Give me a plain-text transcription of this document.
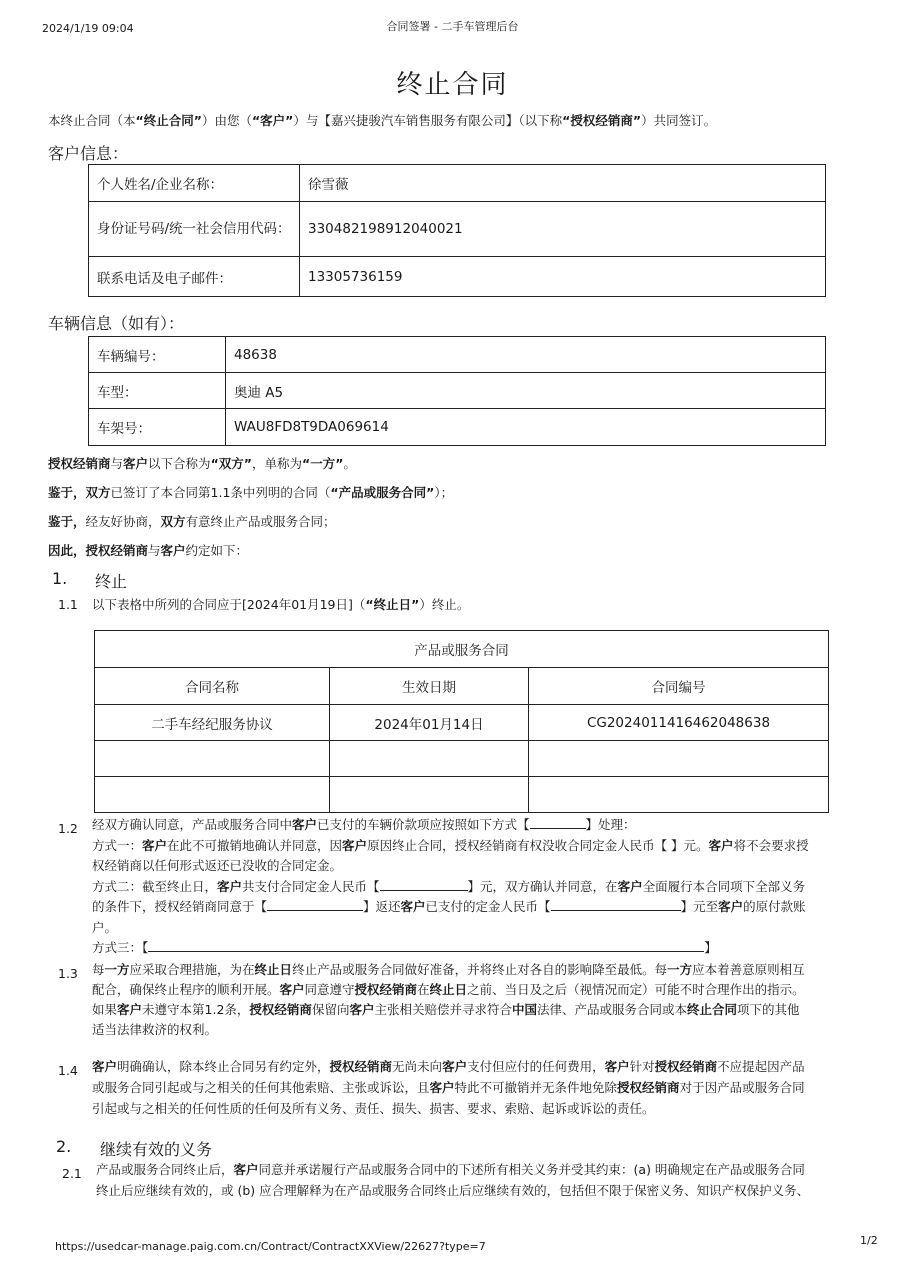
2024/1/19 09:04	合同签署 - 二手车管理后台
终止合同
本终止合同（本“终止合同”）由您（“客户”）与【嘉兴捷骏汽车销售服务有限公司】（以下称“授权经销商”）共同签订。
客户信息：
个人姓名/企业名称：	徐雪薇
身份证号码/统一社会信用代码：	330482198912040021
联系电话及电子邮件：	13305736159
车辆信息（如有）：
车辆编号：	48638
车型：	奥迪 A5
车架号：	WAU8FD8T9DA069614
授权经销商与客户以下合称为“双方”，单称为“一方”。
鉴于，双方已签订了本合同第1.1条中列明的合同（“产品或服务合同”）；
鉴于，经友好协商，双方有意终止产品或服务合同；
因此，授权经销商与客户约定如下：
1. 终止
1.1 以下表格中所列的合同应于[2024年01月19日]（“终止日”）终止。
产品或服务合同		
合同名称	生效日期	合同编号
二手车经纪服务协议	2024年01月14日	CG2024011416462048638

1.2 经双方确认同意，产品或服务合同中客户已支付的车辆价款项应按照如下方式【	】处理：
方式一：客户在此不可撤销地确认并同意，因客户原因终止合同，授权经销商有权没收合同定金人民币【 】元。客户将不会要求授
权经销商以任何形式返还已没收的合同定金。
方式二：截至终止日，客户共支付合同定金人民币【	】元，双方确认并同意，在客户全面履行本合同项下全部义务
的条件下，授权经销商同意于【	】返还客户已支付的定金人民币【	】元至客户的原付款账
户。
方式三：【	】
1.3 每一方应采取合理措施，为在终止日终止产品或服务合同做好准备，并将终止对各自的影响降至最低。每一方应本着善意原则相互
配合，确保终止程序的顺利开展。客户同意遵守授权经销商在终止日之前、当日及之后（视情况而定）可能不时合理作出的指示。
如果客户未遵守本第1.2条，授权经销商保留向客户主张相关赔偿并寻求符合中国法律、产品或服务合同或本终止合同项下的其他
适当法律救济的权利。
1.4 客户明确确认，除本终止合同另有约定外，授权经销商无尚未向客户支付但应付的任何费用，客户针对授权经销商不应提起因产品
或服务合同引起或与之相关的任何其他索赔、主张或诉讼，且客户特此不可撤销并无条件地免除授权经销商对于因产品或服务合同
引起或与之相关的任何性质的任何及所有义务、责任、损失、损害、要求、索赔、起诉或诉讼的责任。
2. 继续有效的义务
2.1 产品或服务合同终止后，客户同意并承诺履行产品或服务合同中的下述所有相关义务并受其约束：(a) 明确规定在产品或服务合同
终止后应继续有效的，或 (b) 应合理解释为在产品或服务合同终止后应继续有效的，包括但不限于保密义务、知识产权保护义务、
https://usedcar-manage.paig.com.cn/Contract/ContractXXView/22627?type=7	1/2
